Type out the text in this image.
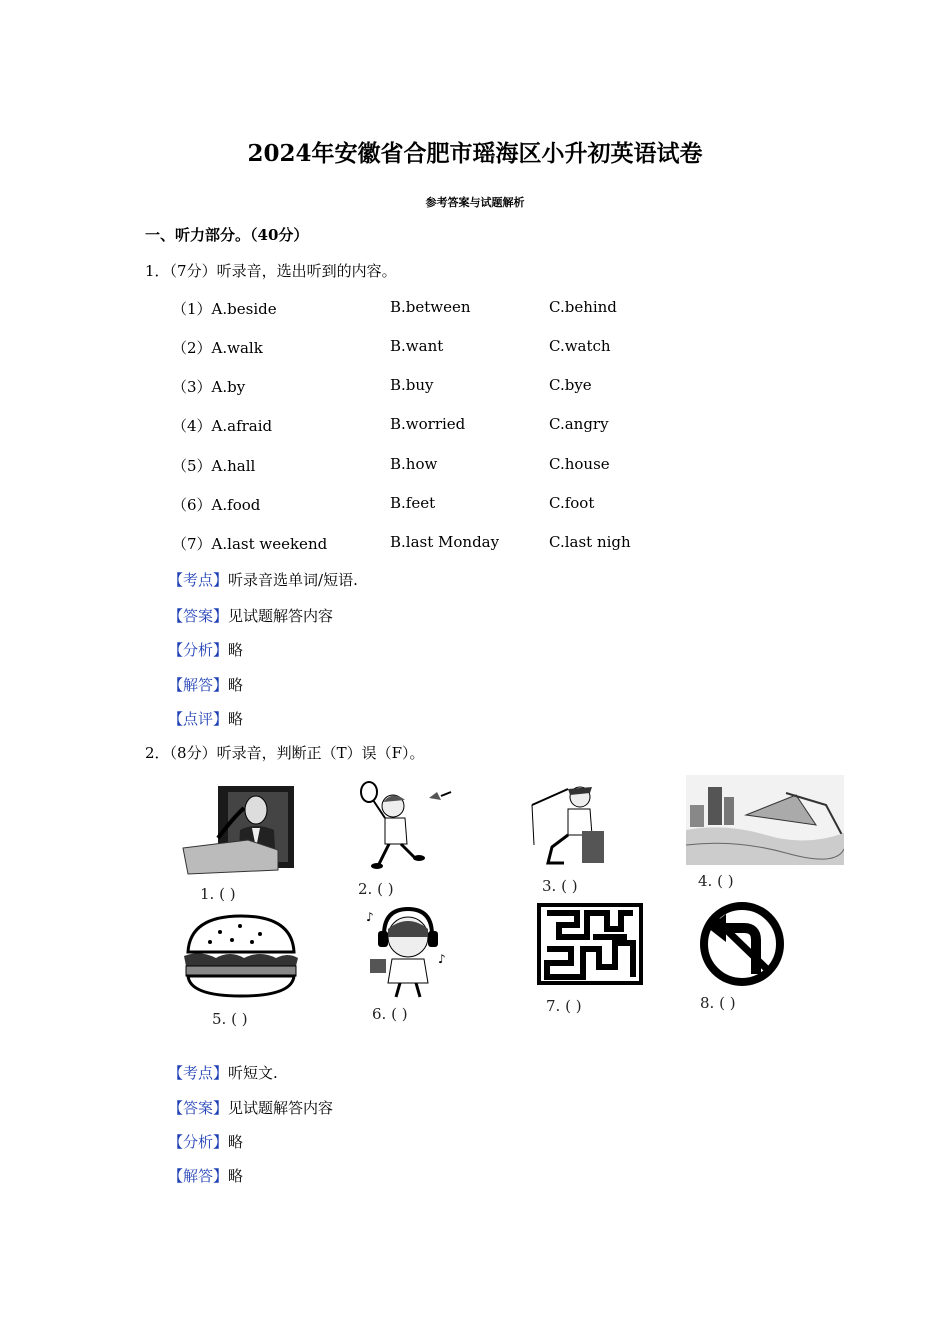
2024年安徽省合肥市瑶海区小升初英语试卷
参考答案与试题解析
一、听力部分。（40分）
1．（7分）听录音，选出听到的内容。
（1）A.beside	B.between	C.behind
（2）A.walk	B.want	C.watch
（3）A.by	B.buy	C.bye
（4）A.afraid	B.worried	C.angry
（5）A.hall	B.how	C.house
（6）A.food	B.feet	C.foot
（7）A.last weekend	B.last Monday	C.last nigh
【考点】听录音选单词/短语.
【答案】见试题解答内容
【分析】略
【解答】略
【点评】略
2．（8分）听录音，判断正（T）误（F）。
1. ( )	2. ( )	3. ( )	4. ( )
5. ( )
♪
♪
6. ( )	7. ( )	8. ( )
【考点】听短文.
【答案】见试题解答内容
【分析】略
【解答】略
